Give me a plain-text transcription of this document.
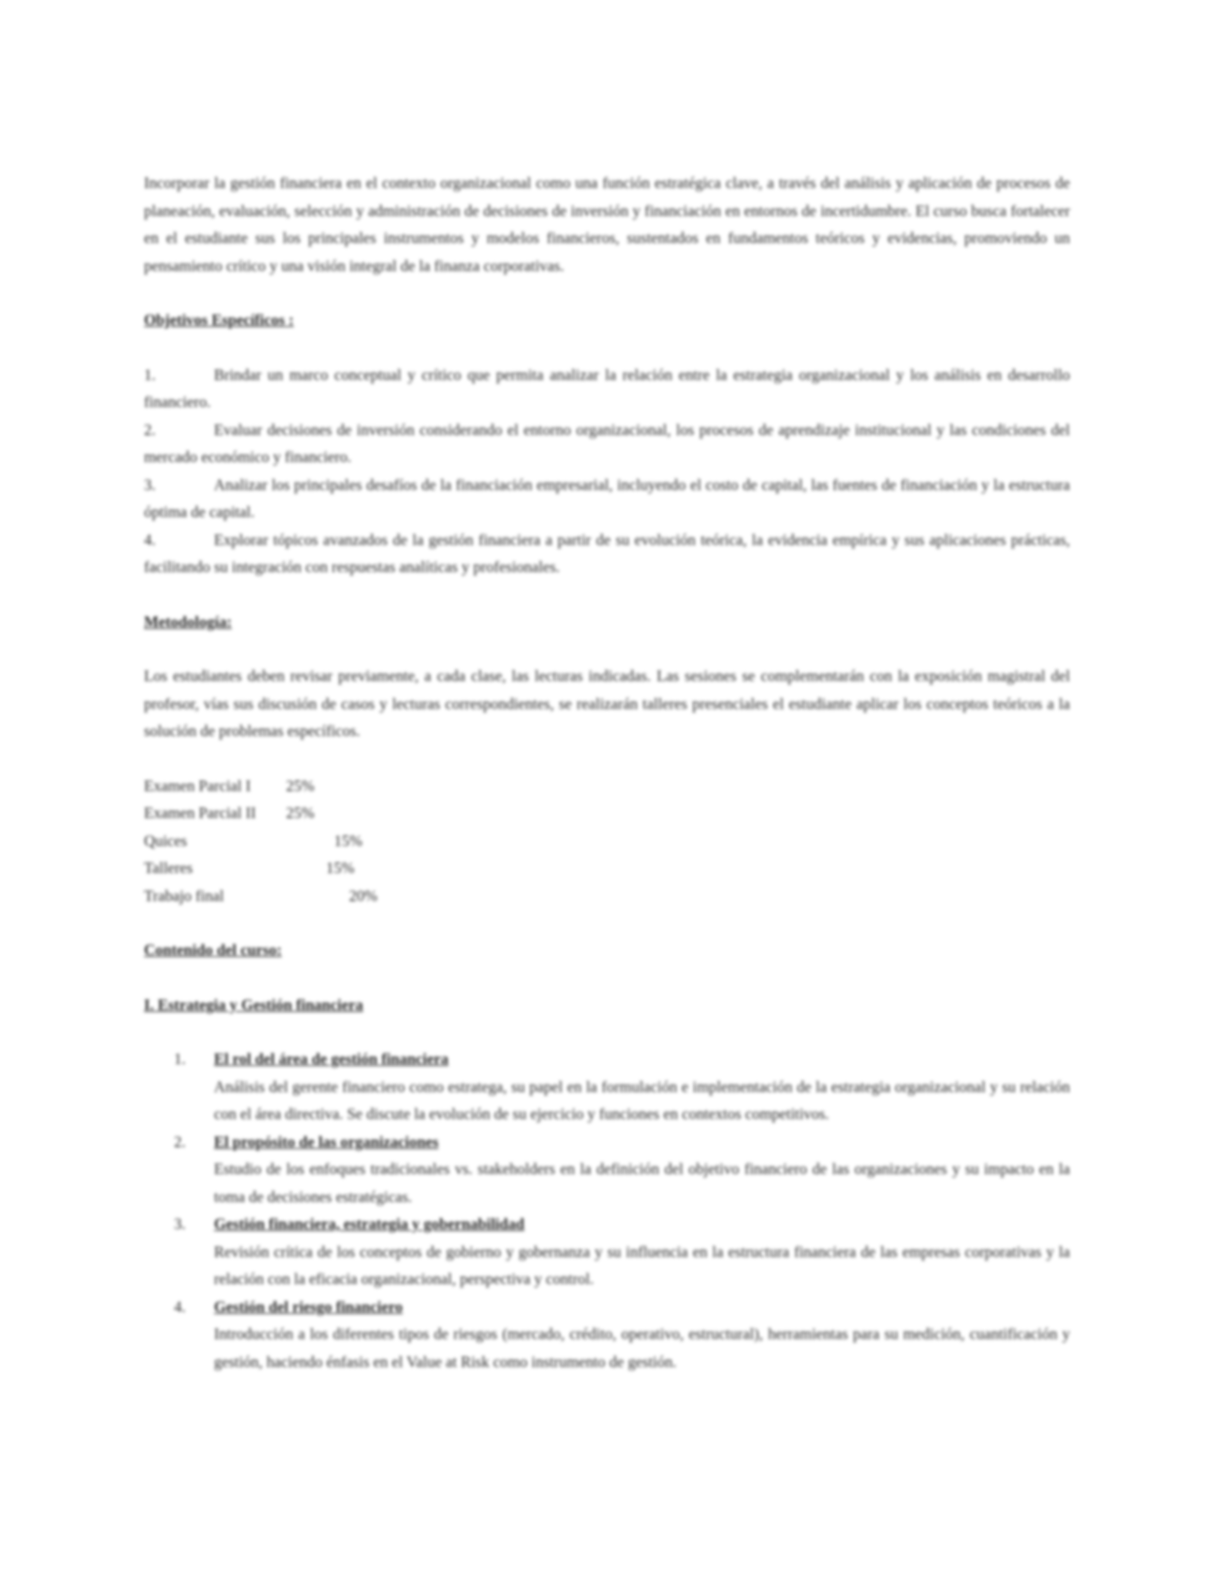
Incorporar la gestión financiera en el contexto organizacional como una función estratégica clave, a través del análisis y aplicación de procesos de planeación, evaluación, selección y administración de decisiones de inversión y financiación en entornos de incertidumbre. El curso busca fortalecer en el estudiante sus los principales instrumentos y modelos financieros, sustentados en fundamentos teóricos y evidencias, promoviendo un pensamiento crítico y una visión integral de la finanza corporativas.

Objetivos Específicos :

1.	Brindar un marco conceptual y crítico que permita analizar la relación entre la estrategia organizacional y los análisis en desarrollo financiero.

2.	Evaluar decisiones de inversión considerando el entorno organizacional, los procesos de aprendizaje institucional y las condiciones del mercado económico y financiero.

3.	Analizar los principales desafíos de la financiación empresarial, incluyendo el costo de capital, las fuentes de financiación y la estructura óptima de capital.

4.	Explorar tópicos avanzados de la gestión financiera a partir de su evolución teórica, la evidencia empírica y sus aplicaciones prácticas, facilitando su integración con respuestas analíticas y profesionales.

Metodología:

Los estudiantes deben revisar previamente, a cada clase, las lecturas indicadas. Las sesiones se complementarán con la exposición magistral del profesor, vías sus discusión de casos y lecturas correspondientes, se realizarán talleres presenciales el estudiante aplicar los conceptos teóricos a la solución de problemas específicos.

Examen Parcial I	25%
Examen Parcial II	25%
Quices	15%
Talleres	15%
Trabajo final	20%

Contenido del curso:

I. Estrategia y Gestión financiera

1.	El rol del área de gestión financiera
Análisis del gerente financiero como estratega, su papel en la formulación e implementación de la estrategia organizacional y su relación con el área directiva. Se discute la evolución de su ejercicio y funciones en contextos competitivos.
2.	El propósito de las organizaciones
Estudio de los enfoques tradicionales vs. stakeholders en la definición del objetivo financiero de las organizaciones y su impacto en la toma de decisiones estratégicas.
3.	Gestión financiera, estrategia y gobernabilidad
Revisión crítica de los conceptos de gobierno y gobernanza y su influencia en la estructura financiera de las empresas corporativas y la relación con la eficacia organizacional, perspectiva y control.
4.	Gestión del riesgo financiero
Introducción a los diferentes tipos de riesgos (mercado, crédito, operativo, estructural), herramientas para su medición, cuantificación y gestión, haciendo énfasis en el Value at Risk como instrumento de gestión.
